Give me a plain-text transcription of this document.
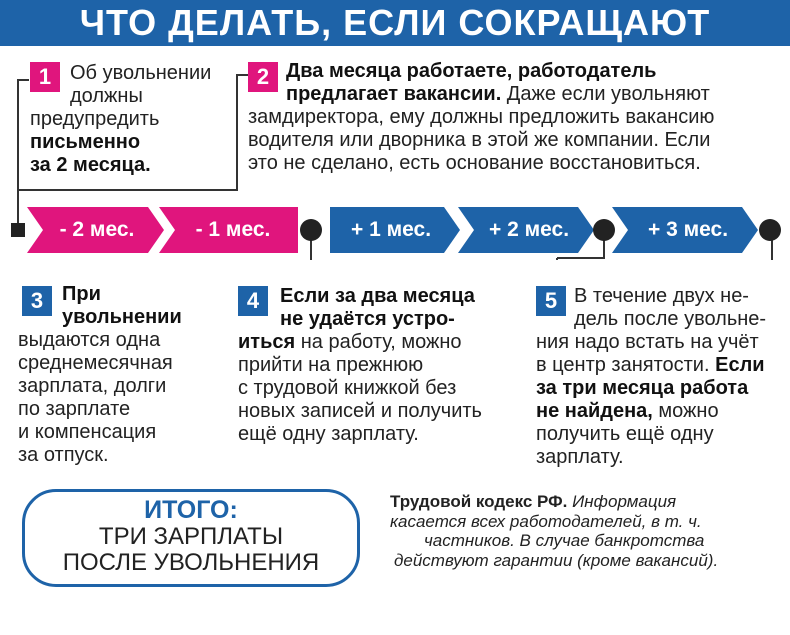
ЧТО ДЕЛАТЬ, ЕСЛИ СОКРАЩАЮТ
- 2 мес.	- 1 мес.	+ 1 мес.	+ 2 мес.	+ 3 мес.
1 Об увольнении
должны
предупредить
письменно
за 2 месяца.
2 Два месяца работаете, работодатель
предлагает вакансии. Даже если увольняют
замдиректора, ему должны предложить вакансию
водителя или дворника в этой же компании. Если
это не сделано, есть основание восстановиться.
3 При
увольнении
выдаются одна
среднемесячная
зарплата, долги
по зарплате
и компенсация
за отпуск.
4	Если за два месяца
не удаётся устро-
иться на работу, можно
прийти на прежнюю
с трудовой книжкой без
новых записей и получить
ещё одну зарплату.
5 В течение двух не-
дель после увольне-
ния надо встать на учёт
в центр занятости. Если
за три месяца работа
не найдена, можно
получить ещё одну
зарплату.
ИТОГО:
ТРИ ЗАРПЛАТЫ
ПОСЛЕ УВОЛЬНЕНИЯ
Трудовой кодекс РФ. Информация
касается всех работодателей, в т. ч.
частников. В случае банкротства
действуют гарантии (кроме вакансий).
